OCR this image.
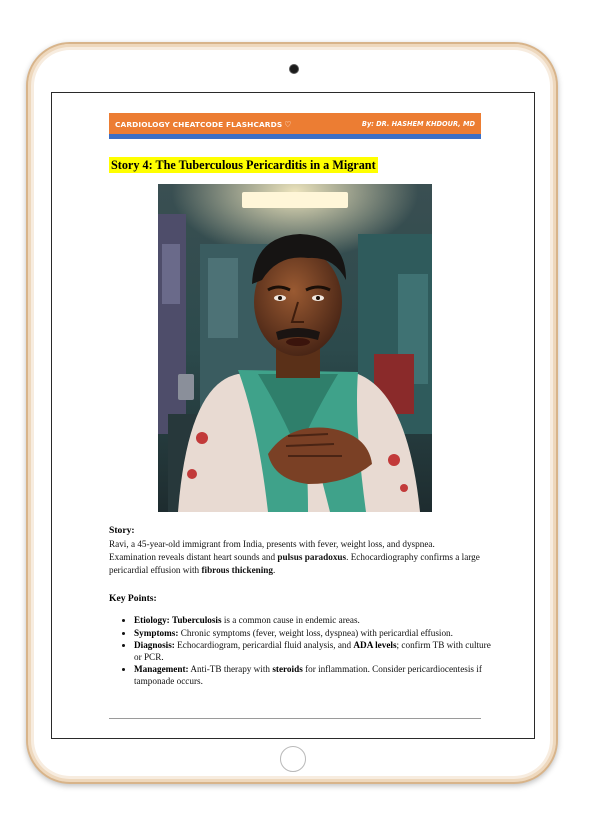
CARDIOLOGY CHEATCODE FLASHCARDS ♡	By: DR. HASHEM KHDOUR, MD
Story 4: The Tuberculous Pericarditis in a Migrant
Story:
Ravi, a 45-year-old immigrant from India, presents with fever, weight loss, and dyspnea. Examination reveals distant heart sounds and pulsus paradoxus. Echocardiography confirms a large pericardial effusion with fibrous thickening.
Key Points:
• Etiology: Tuberculosis is a common cause in endemic areas.
• Symptoms: Chronic symptoms (fever, weight loss, dyspnea) with pericardial effusion.
• Diagnosis: Echocardiogram, pericardial fluid analysis, and ADA levels; confirm TB with culture or PCR.
• Management: Anti-TB therapy with steroids for inflammation. Consider pericardiocentesis if tamponade occurs.
